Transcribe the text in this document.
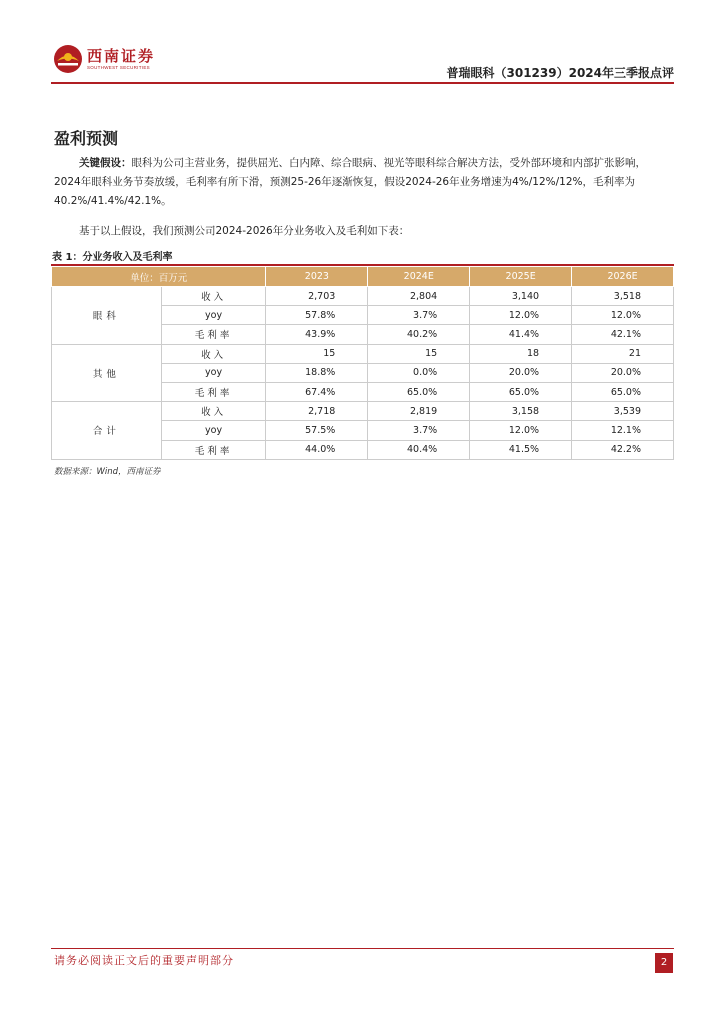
西南证券
SOUTHWEST SECURITIES	普瑞眼科（301239）2024年三季报点评
盈利预测
关键假设：眼科为公司主营业务，提供屈光、白内障、综合眼病、视光等眼科综合解决方法，受外部环境和内部扩张影响，2024年眼科业务节奏放缓，毛利率有所下滑，预测25-26年逐渐恢复，假设2024-26年业务增速为4%/12%/12%，毛利率为40.2%/41.4%/42.1%。
基于以上假设，我们预测公司2024-2026年分业务收入及毛利如下表：
表 1：分业务收入及毛利率
单位：百万元		2023	2024E	2025E	2026E
眼科	收入	2,703	2,804	3,140	3,518
	yoy	57.8%	3.7%	12.0%	12.0%
	毛利率	43.9%	40.2%	41.4%	42.1%
其他	收入	15	15	18	21
	yoy	18.8%	0.0%	20.0%	20.0%
	毛利率	67.4%	65.0%	65.0%	65.0%
合计	收入	2,718	2,819	3,158	3,539
	yoy	57.5%	3.7%	12.0%	12.1%
	毛利率	44.0%	40.4%	41.5%	42.2%
数据来源：Wind，西南证券
请务必阅读正文后的重要声明部分	2
